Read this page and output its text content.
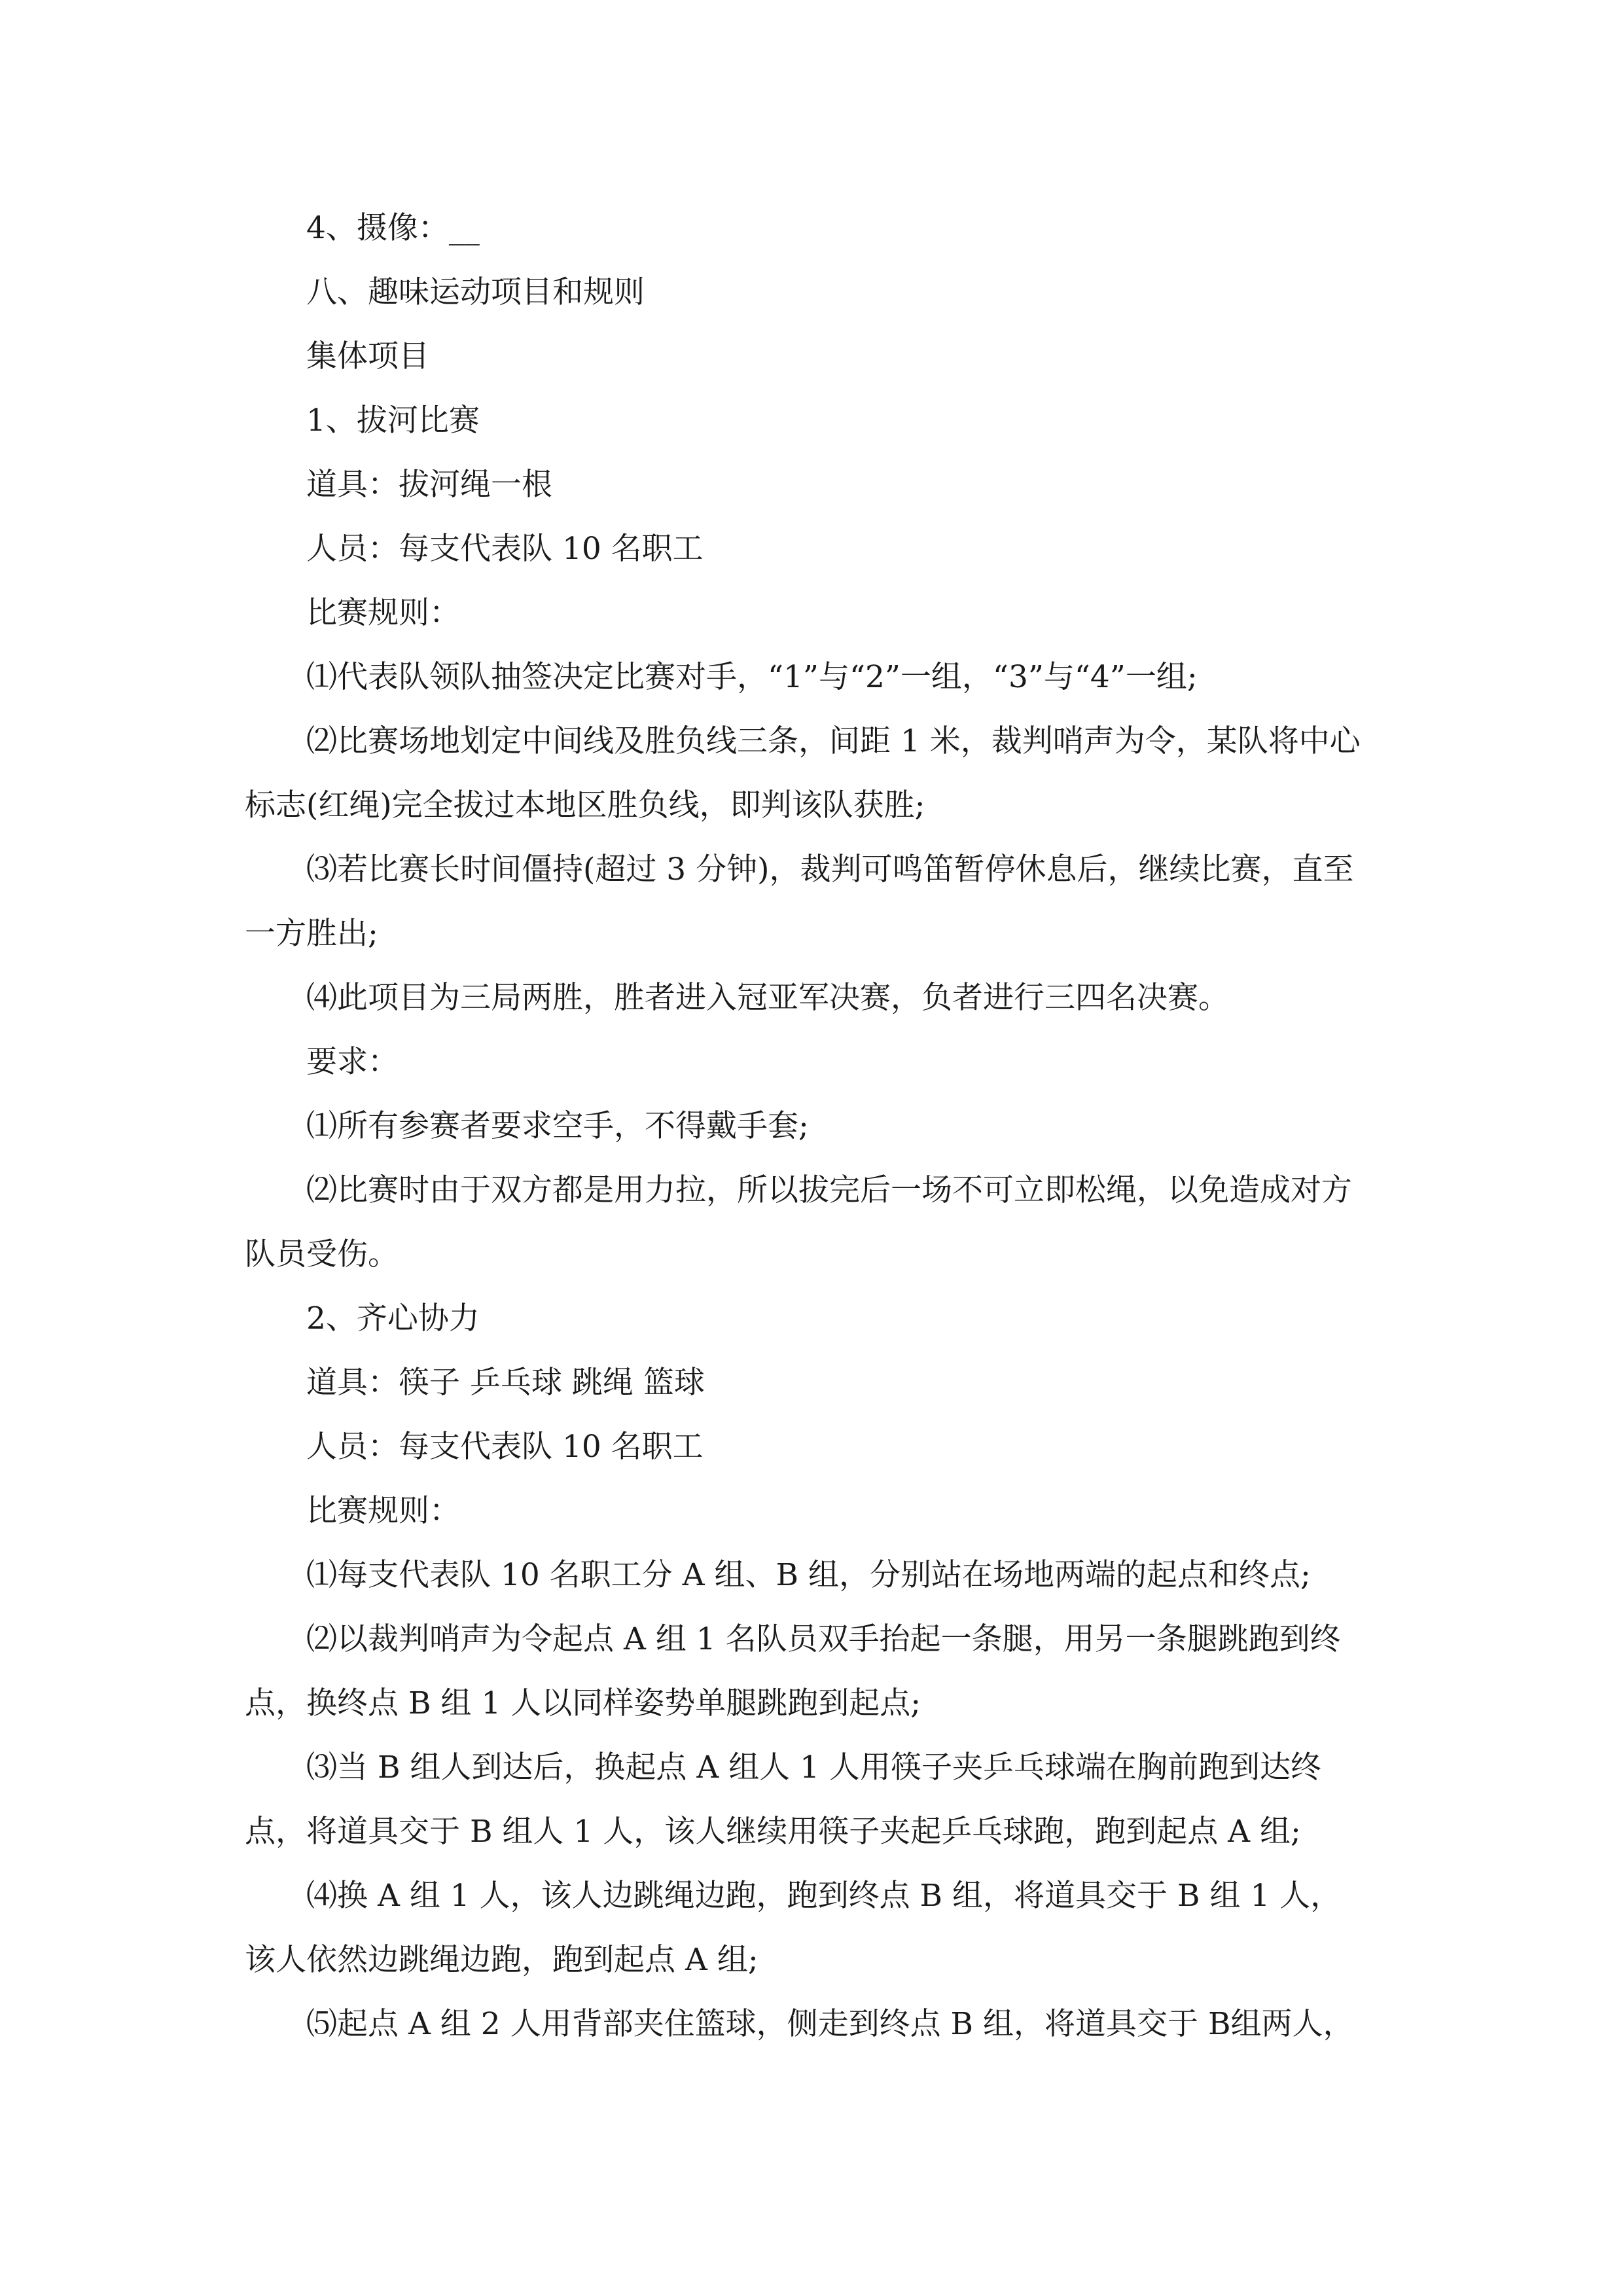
4、摄像：__

八、趣味运动项目和规则

集体项目

1、拔河比赛

道具：拔河绳一根

人员：每支代表队 10 名职工

比赛规则：

⑴代表队领队抽签决定比赛对手，“1”与“2”一组，“3”与“4”一组;

⑵比赛场地划定中间线及胜负线三条，间距 1 米，裁判哨声为令，某队将中心标志(红绳)完全拔过本地区胜负线，即判该队获胜;

⑶若比赛长时间僵持(超过 3 分钟)，裁判可鸣笛暂停休息后，继续比赛，直至一方胜出;

⑷此项目为三局两胜，胜者进入冠亚军决赛，负者进行三四名决赛。

要求：

⑴所有参赛者要求空手，不得戴手套;

⑵比赛时由于双方都是用力拉，所以拔完后一场不可立即松绳，以免造成对方队员受伤。

2、齐心协力

道具：筷子 乒乓球 跳绳 篮球

人员：每支代表队 10 名职工

比赛规则：

⑴每支代表队 10 名职工分 A 组、B 组，分别站在场地两端的起点和终点;

⑵以裁判哨声为令起点 A 组 1 名队员双手抬起一条腿，用另一条腿跳跑到终点，换终点 B 组 1 人以同样姿势单腿跳跑到起点;

⑶当 B 组人到达后，换起点 A 组人 1 人用筷子夹乒乓球端在胸前跑到达终点，将道具交于 B 组人 1 人，该人继续用筷子夹起乒乓球跑，跑到起点 A 组;

⑷换 A 组 1 人，该人边跳绳边跑，跑到终点 B 组，将道具交于 B 组 1 人，该人依然边跳绳边跑，跑到起点 A 组;

⑸起点 A 组 2 人用背部夹住篮球，侧走到终点 B 组，将道具交于 B组两人，
